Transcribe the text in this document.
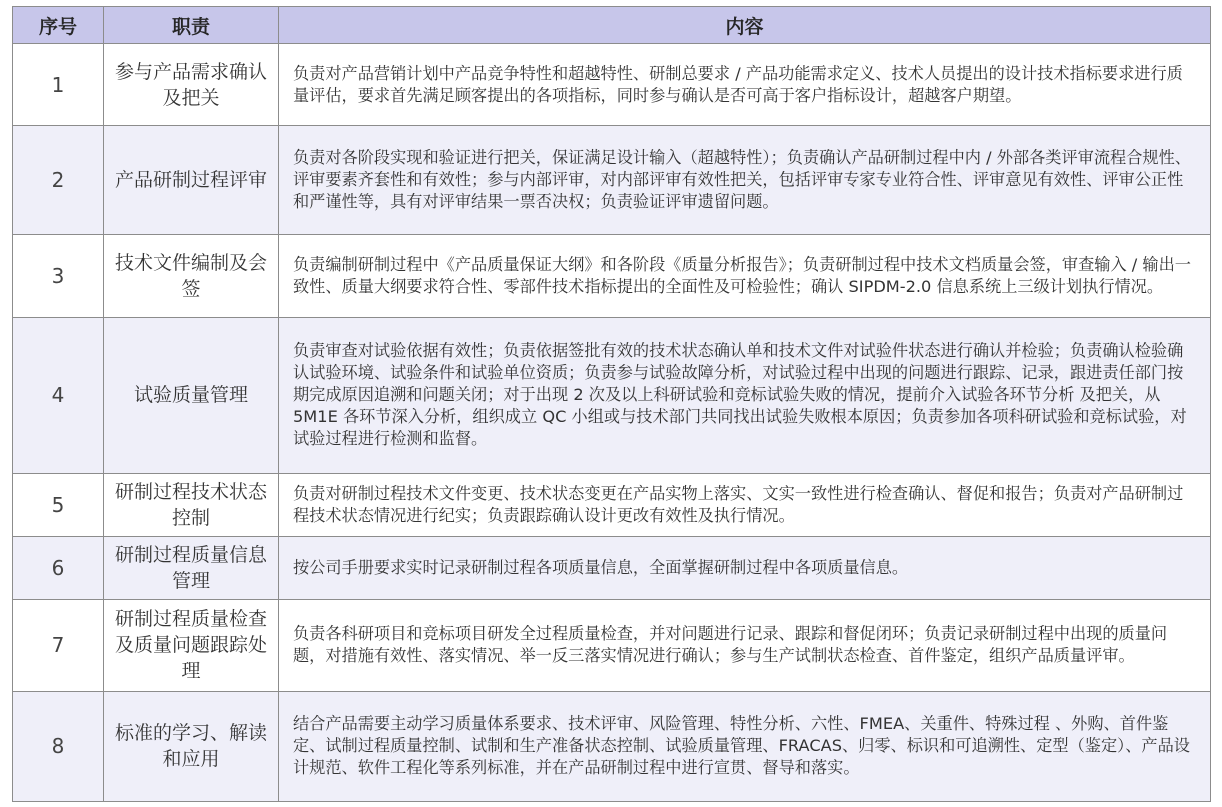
序号	职责	内容
1	参与产品需求确认及把关	负责对产品营销计划中产品竞争特性和超越特性、研制总要求 / 产品功能需求定义、技术人员提出的设计技术指标要求进行质量评估，要求首先满足顾客提出的各项指标，同时参与确认是否可高于客户指标设计，超越客户期望。
2	产品研制过程评审	负责对各阶段实现和验证进行把关，保证满足设计输入（超越特性）；负责确认产品研制过程中内 / 外部各类评审流程合规性、评审要素齐套性和有效性；参与内部评审，对内部评审有效性把关，包括评审专家专业符合性、评审意见有效性、评审公正性和严谨性等，具有对评审结果一票否决权；负责验证评审遗留问题。
3	技术文件编制及会签	负责编制研制过程中《产品质量保证大纲》和各阶段《质量分析报告》；负责研制过程中技术文档质量会签，审查输入 / 输出一致性、质量大纲要求符合性、零部件技术指标提出的全面性及可检验性；确认 SIPDM-2.0 信息系统上三级计划执行情况。
4	试验质量管理	负责审查对试验依据有效性；负责依据签批有效的技术状态确认单和技术文件对试验件状态进行确认并检验；负责确认检验确认试验环境、试验条件和试验单位资质；负责参与试验故障分析，对试验过程中出现的问题进行跟踪、记录，跟进责任部门按期完成原因追溯和问题关闭；对于出现 2 次及以上科研试验和竞标试验失败的情况，提前介入试验各环节分析 及把关，从 5M1E 各环节深入分析，组织成立 QC 小组或与技术部门共同找出试验失败根本原因；负责参加各项科研试验和竞标试验，对试验过程进行检测和监督。
5	研制过程技术状态控制	负责对研制过程技术文件变更、技术状态变更在产品实物上落实、文实一致性进行检查确认、督促和报告；负责对产品研制过程技术状态情况进行纪实；负责跟踪确认设计更改有效性及执行情况。
6	研制过程质量信息管理	按公司手册要求实时记录研制过程各项质量信息，全面掌握研制过程中各项质量信息。
7	研制过程质量检查及质量问题跟踪处理	负责各科研项目和竞标项目研发全过程质量检查，并对问题进行记录、跟踪和督促闭环；负责记录研制过程中出现的质量问题，对措施有效性、落实情况、举一反三落实情况进行确认；参与生产试制状态检查、首件鉴定，组织产品质量评审。
8	标准的学习、解读和应用	结合产品需要主动学习质量体系要求、技术评审、风险管理、特性分析、六性、FMEA、关重件、特殊过程 、外购、首件鉴定、试制过程质量控制、试制和生产准备状态控制、试验质量管理、FRACAS、归零、标识和可追溯性、定型（鉴定）、产品设计规范、软件工程化等系列标准，并在产品研制过程中进行宣贯、督导和落实。
